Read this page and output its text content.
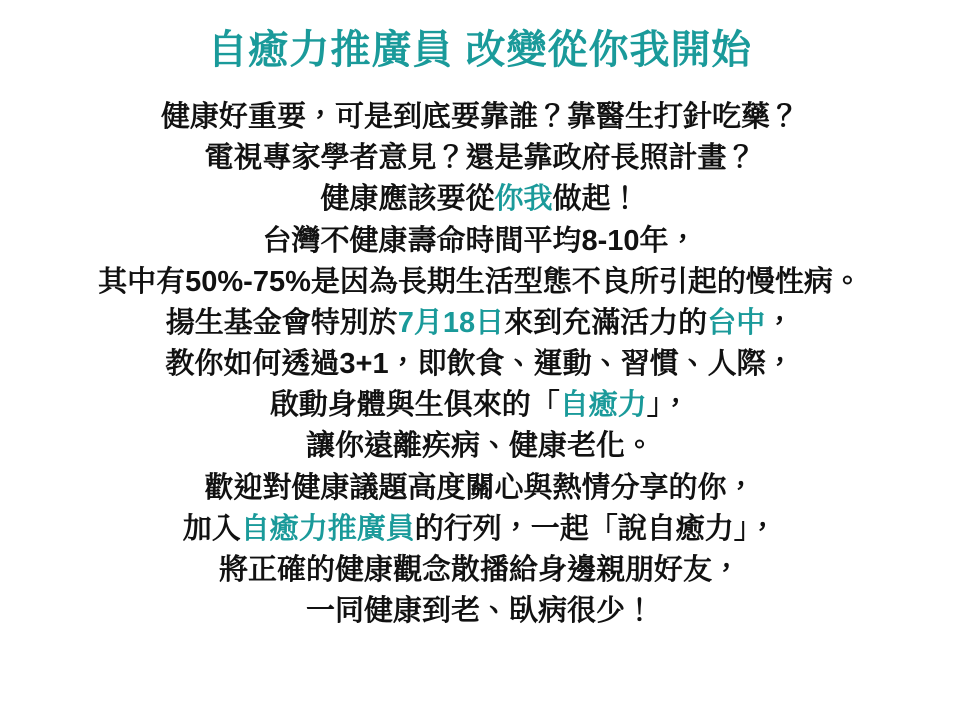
自癒力推廣員 改變從你我開始
健康好重要，可是到底要靠誰？靠醫生打針吃藥？
電視專家學者意見？還是靠政府長照計畫？
健康應該要從你我做起！
台灣不健康壽命時間平均8-10年，
其中有50%-75%是因為長期生活型態不良所引起的慢性病。
揚生基金會特別於7月18日來到充滿活力的台中，
教你如何透過3+1，即飲食、運動、習慣、人際，
啟動身體與生俱來的「自癒力」，
讓你遠離疾病、健康老化。
歡迎對健康議題高度關心與熱情分享的你，
加入自癒力推廣員的行列，一起「說自癒力」，
將正確的健康觀念散播給身邊親朋好友，
一同健康到老、臥病很少！
